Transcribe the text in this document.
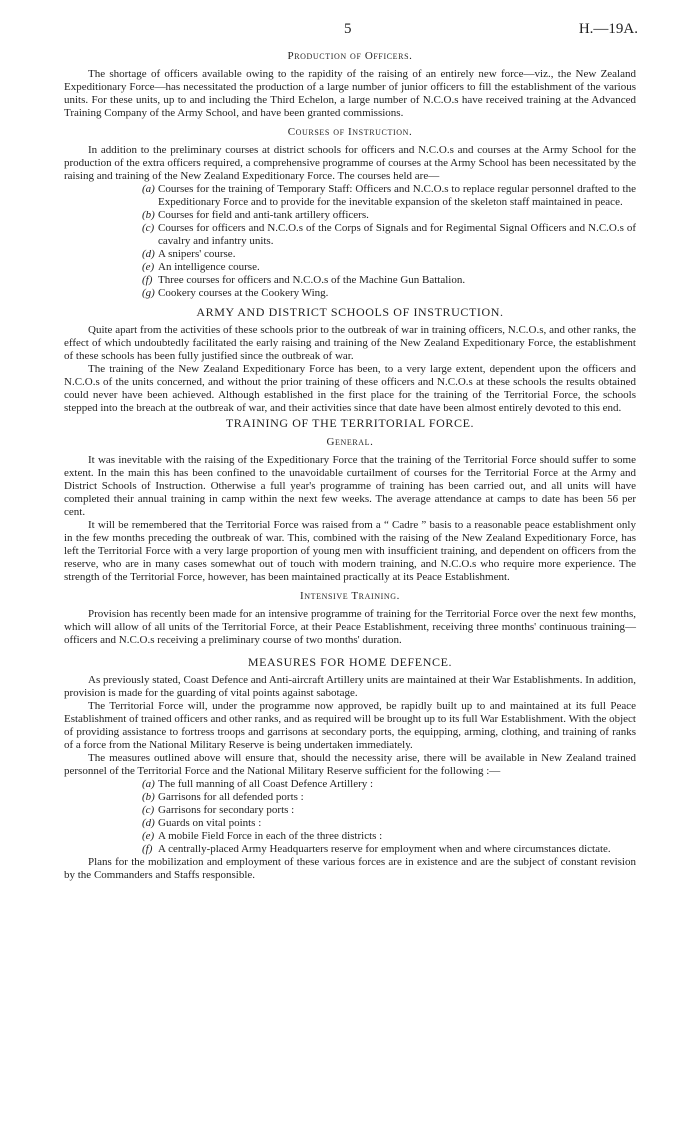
5	H.—19A.
Production of Officers.

The shortage of officers available owing to the rapidity of the raising of an entirely new force—viz., the New Zealand Expeditionary Force—has necessitated the production of a large number of junior officers to fill the establishment of the various units. For these units, up to and including the Third Echelon, a large number of N.C.O.s have received training at the Advanced Training Company of the Army School, and have been granted commissions.

Courses of Instruction.

In addition to the preliminary courses at district schools for officers and N.C.O.s and courses at the Army School for the production of the extra officers required, a comprehensive programme of courses at the Army School has been necessitated by the raising and training of the New Zealand Expeditionary Force. The courses held are—

(a) Courses for the training of Temporary Staff: Officers and N.C.O.s to replace regular personnel drafted to the Expeditionary Force and to provide for the inevitable expansion of the skeleton staff maintained in peace.
(b) Courses for field and anti-tank artillery officers.
(c) Courses for officers and N.C.O.s of the Corps of Signals and for Regimental Signal Officers and N.C.O.s of cavalry and infantry units.
(d) A snipers' course.
(e) An intelligence course.
(f) Three courses for officers and N.C.O.s of the Machine Gun Battalion.
(g) Cookery courses at the Cookery Wing.
ARMY AND DISTRICT SCHOOLS OF INSTRUCTION.

Quite apart from the activities of these schools prior to the outbreak of war in training officers, N.C.O.s, and other ranks, the effect of which undoubtedly facilitated the early raising and training of the New Zealand Expeditionary Force, the establishment of these schools has been fully justified since the outbreak of war.

The training of the New Zealand Expeditionary Force has been, to a very large extent, dependent upon the officers and N.C.O.s of the units concerned, and without the prior training of these officers and N.C.O.s at these schools the results obtained could never have been achieved. Although established in the first place for the training of the Territorial Force, the schools stepped into the breach at the outbreak of war, and their activities since that date have been almost entirely devoted to this end.

TRAINING OF THE TERRITORIAL FORCE.
General.

It was inevitable with the raising of the Expeditionary Force that the training of the Territorial Force should suffer to some extent. In the main this has been confined to the unavoidable curtailment of courses for the Territorial Force at the Army and District Schools of Instruction. Otherwise a full year's programme of training has been carried out, and all units will have completed their annual training in camp within the next few weeks. The average attendance at camps to date has been 56 per cent.

It will be remembered that the Territorial Force was raised from a “ Cadre ” basis to a reasonable peace establishment only in the few months preceding the outbreak of war. This, combined with the raising of the New Zealand Expeditionary Force, has left the Territorial Force with a very large proportion of young men with insufficient training, and dependent on officers from the reserve, who are in many cases somewhat out of touch with modern training, and N.C.O.s who require more experience. The strength of the Territorial Force, however, has been maintained practically at its Peace Establishment.

Intensive Training.

Provision has recently been made for an intensive programme of training for the Territorial Force over the next few months, which will allow of all units of the Territorial Force, at their Peace Establishment, receiving three months' continuous training—officers and N.C.O.s receiving a preliminary course of two months' duration.

MEASURES FOR HOME DEFENCE.

As previously stated, Coast Defence and Anti-aircraft Artillery units are maintained at their War Establishments. In addition, provision is made for the guarding of vital points against sabotage.

The Territorial Force will, under the programme now approved, be rapidly built up to and maintained at its full Peace Establishment of trained officers and other ranks, and as required will be brought up to its full War Establishment. With the object of providing assistance to fortress troops and garrisons at secondary ports, the equipping, arming, clothing, and training of ranks of a force from the National Military Reserve is being undertaken immediately.

The measures outlined above will ensure that, should the necessity arise, there will be available in New Zealand trained personnel of the Territorial Force and the National Military Reserve sufficient for the following :—

(a) The full manning of all Coast Defence Artillery :
(b) Garrisons for all defended ports :
(c) Garrisons for secondary ports :
(d) Guards on vital points :
(e) A mobile Field Force in each of the three districts :
(f) A centrally-placed Army Headquarters reserve for employment when and where circumstances dictate.

Plans for the mobilization and employment of these various forces are in existence and are the subject of constant revision by the Commanders and Staffs responsible.
